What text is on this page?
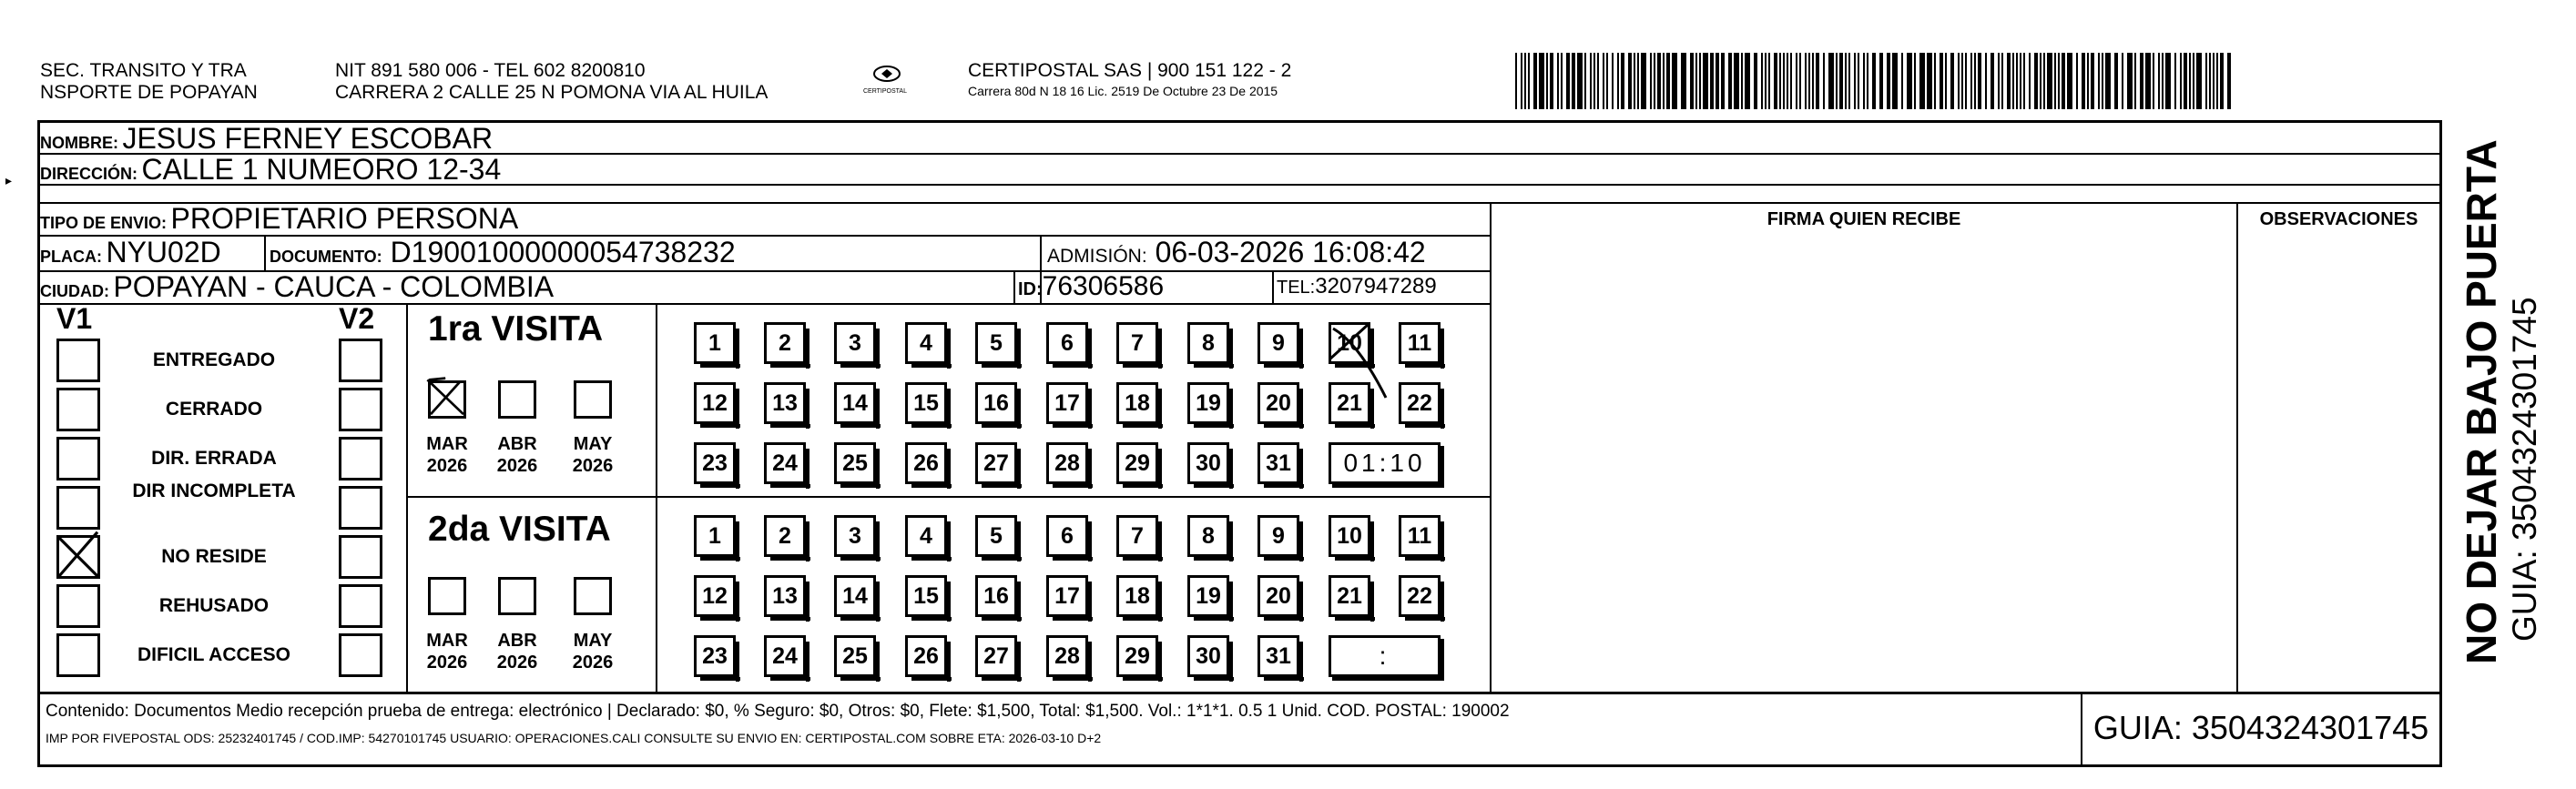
SEC. TRANSITO Y TRA
NSPORTE DE POPAYAN
NIT 891 580 006 - TEL 602 8200810
CARRERA 2 CALLE 25 N POMONA VIA AL HUILA	CERTIPOSTAL
CERTIPOSTAL SAS | 900 151 122 - 2
Carrera 80d N 18 16 Lic. 2519 De Octubre 23 De 2015
NOMBRE: JESUS FERNEY ESCOBAR
DIRECCIÓN: CALLE 1 NUMEORO 12-34
TIPO DE ENVIO: PROPIETARIO PERSONA
PLACA: NYU02D	DOCUMENTO: D19001000000054738232	ADMISIÓN: 06-03-2026 16:08:42
CIUDAD: POPAYAN - CAUCA - COLOMBIA	ID:76306586	TEL:3207947289
FIRMA QUIEN RECIBE	OBSERVACIONES
V1	V2
ENTREGADO
CERRADO
DIR. ERRADA
DIR INCOMPLETA
NO RESIDE
REHUSADO
DIFICIL ACCESO
1ra VISITA
2da VISITA
MAR
2026
ABR
2026
MAY
2026
MAR
2026
ABR
2026
MAY
2026
1	2	3	4	5	6	7	8	9	10	11
12	13	14	15	16	17	18	19	20	21	22
23	24	25	26	27	28	29	30	31	01:10
1	2	3	4	5	6	7	8	9	10	11
12	13	14	15	16	17	18	19	20	21	22
23	24	25	26	27	28	29	30	31	:	NO DEJAR BAJO PUERTA GUIA: 3504324301745
Contenido: Documentos Medio recepción prueba de entrega: electrónico | Declarado: $0, % Seguro: $0, Otros: $0, Flete: $1,500, Total: $1,500. Vol.: 1*1*1. 0.5 1 Unid. COD. POSTAL: 190002
IMP POR FIVEPOSTAL ODS: 25232401745 / COD.IMP: 54270101745 USUARIO: OPERACIONES.CALI CONSULTE SU ENVIO EN: CERTIPOSTAL.COM SOBRE ETA: 2026-03-10 D+2	GUIA: 3504324301745
▸
